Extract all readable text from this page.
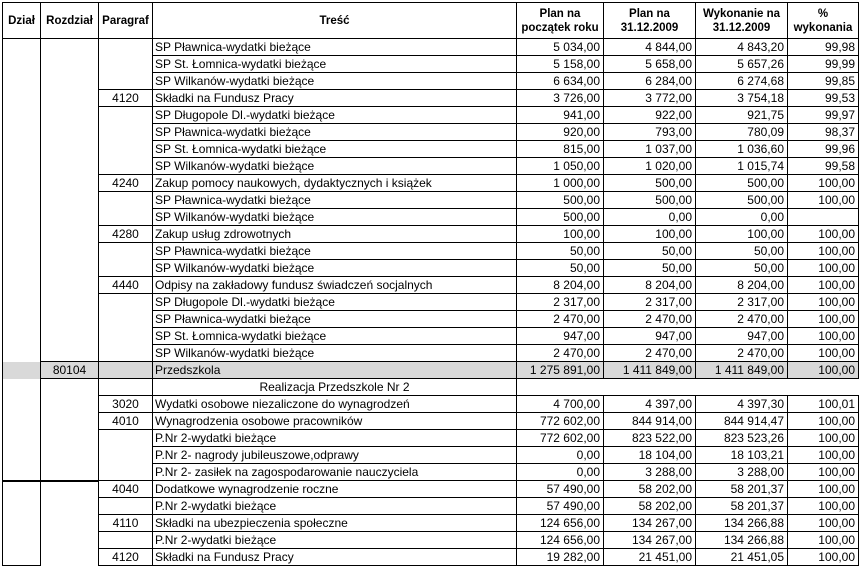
Dział	Rozdział	Paragraf	Treść	Plan na początek roku	Plan na 31.12.2009	Wykonanie na 31.12.2009	% wykonania
			SP Pławnica-wydatki bieżące	5 034,00	4 844,00	4 843,20	99,98
			SP St. Łomnica-wydatki bieżące	5 158,00	5 658,00	5 657,26	99,99
			SP Wilkanów-wydatki bieżące	6 634,00	6 284,00	6 274,68	99,85
		4120	Składki na Fundusz Pracy	3 726,00	3 772,00	3 754,18	99,53
			SP Długopole Dl.-wydatki bieżące	941,00	922,00	921,75	99,97
			SP Pławnica-wydatki bieżące	920,00	793,00	780,09	98,37
			SP St. Łomnica-wydatki bieżące	815,00	1 037,00	1 036,60	99,96
			SP Wilkanów-wydatki bieżące	1 050,00	1 020,00	1 015,74	99,58
		4240	Zakup pomocy naukowych, dydaktycznych i książek	1 000,00	500,00	500,00	100,00
			SP Pławnica-wydatki bieżące	500,00	500,00	500,00	100,00
			SP Wilkanów-wydatki bieżące	500,00	0,00	0,00	
		4280	Zakup usług zdrowotnych	100,00	100,00	100,00	100,00
			SP Pławnica-wydatki bieżące	50,00	50,00	50,00	100,00
			SP Wilkanów-wydatki bieżące	50,00	50,00	50,00	100,00
		4440	Odpisy na zakładowy fundusz świadczeń socjalnych	8 204,00	8 204,00	8 204,00	100,00
			SP Długopole Dl.-wydatki bieżące	2 317,00	2 317,00	2 317,00	100,00
			SP Pławnica-wydatki bieżące	2 470,00	2 470,00	2 470,00	100,00
			SP St. Łomnica-wydatki bieżące	947,00	947,00	947,00	100,00
			SP Wilkanów-wydatki bieżące	2 470,00	2 470,00	2 470,00	100,00
	80104		Przedszkola	1 275 891,00	1 411 849,00	1 411 849,00	100,00
			Realizacja Przedszkole Nr 2				
		3020	Wydatki osobowe niezaliczone do wynagrodzeń	4 700,00	4 397,00	4 397,30	100,01
		4010	Wynagrodzenia osobowe pracowników	772 602,00	844 914,00	844 914,47	100,00
			P.Nr 2-wydatki bieżące	772 602,00	823 522,00	823 523,26	100,00
			P.Nr 2- nagrody jubileuszowe,odprawy	0,00	18 104,00	18 103,21	100,00
			P.Nr 2- zasiłek na zagospodarowanie nauczyciela	0,00	3 288,00	3 288,00	100,00
		4040	Dodatkowe wynagrodzenie roczne	57 490,00	58 202,00	58 201,37	100,00
			P.Nr 2-wydatki bieżące	57 490,00	58 202,00	58 201,37	100,00
		4110	Składki na ubezpieczenia społeczne	124 656,00	134 267,00	134 266,88	100,00
			P.Nr 2-wydatki bieżące	124 656,00	134 267,00	134 266,88	100,00
		4120	Składki na Fundusz Pracy	19 282,00	21 451,00	21 451,05	100,00
